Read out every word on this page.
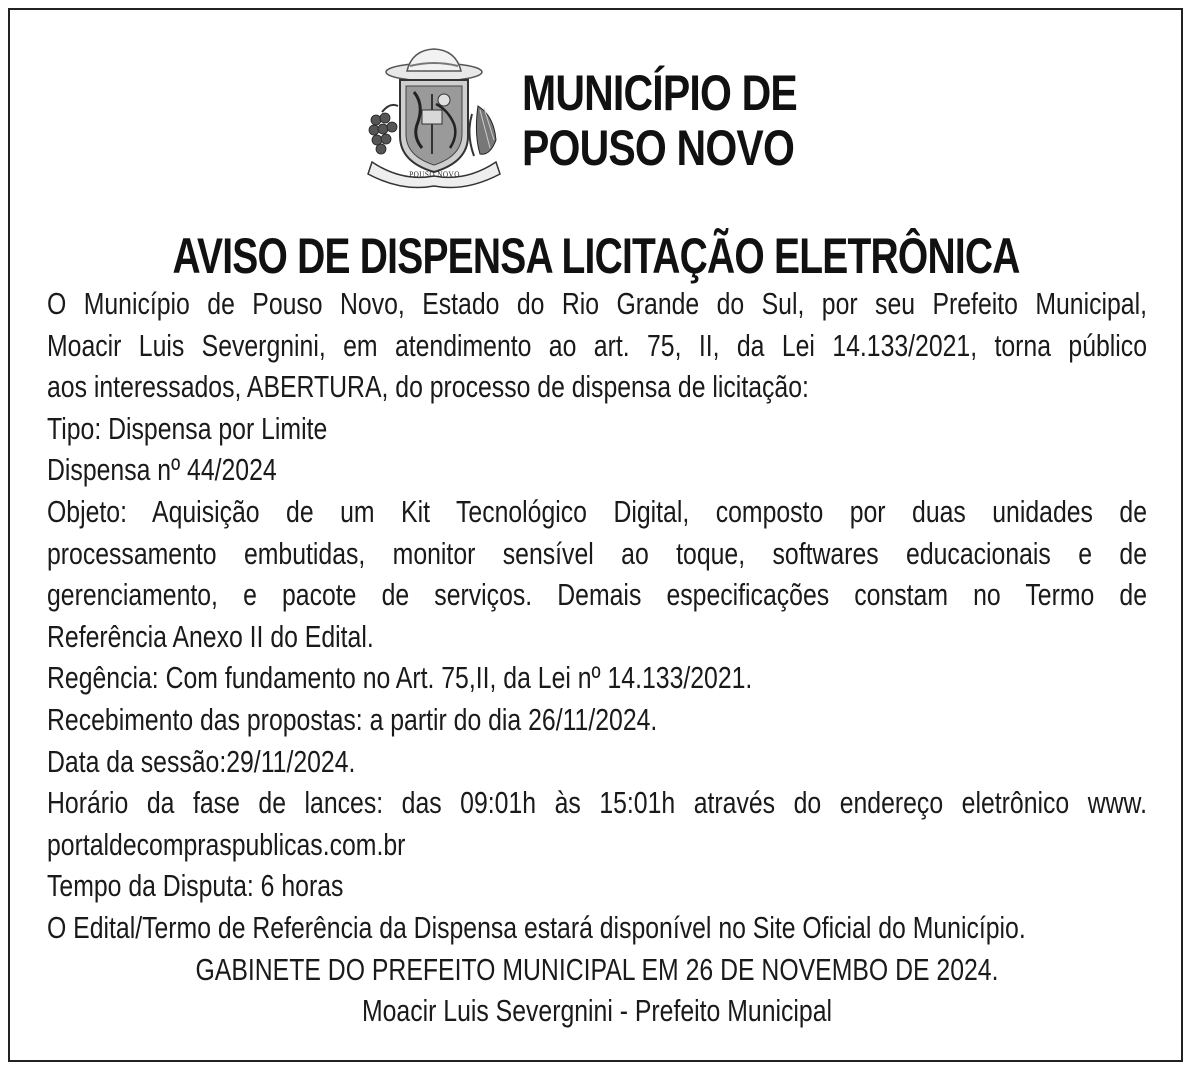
POUSO NOVO
MUNICÍPIO DE
POUSO NOVO
AVISO DE DISPENSA LICITAÇÃO ELETRÔNICA
O Município de Pouso Novo, Estado do Rio Grande do Sul, por seu Prefeito Municipal,
Moacir Luis Severgnini, em atendimento ao art. 75, II, da Lei 14.133/2021, torna público
aos interessados, ABERTURA, do processo de dispensa de licitação:
Tipo: Dispensa por Limite
Dispensa nº 44/2024
Objeto: Aquisição de um Kit Tecnológico Digital, composto por duas unidades de
processamento embutidas, monitor sensível ao toque, softwares educacionais e de
gerenciamento, e pacote de serviços. Demais especificações constam no Termo de
Referência Anexo II do Edital.
Regência: Com fundamento no Art. 75,II, da Lei nº 14.133/2021.
Recebimento das propostas: a partir do dia 26/11/2024.
Data da sessão:29/11/2024.
Horário da fase de lances: das 09:01h às 15:01h através do endereço eletrônico www.
portaldecompraspublicas.com.br
Tempo da Disputa: 6 horas
O Edital/Termo de Referência da Dispensa estará disponível no Site Oficial do Município.
GABINETE DO PREFEITO MUNICIPAL EM 26 DE NOVEMBO DE 2024.
Moacir Luis Severgnini - Prefeito Municipal
